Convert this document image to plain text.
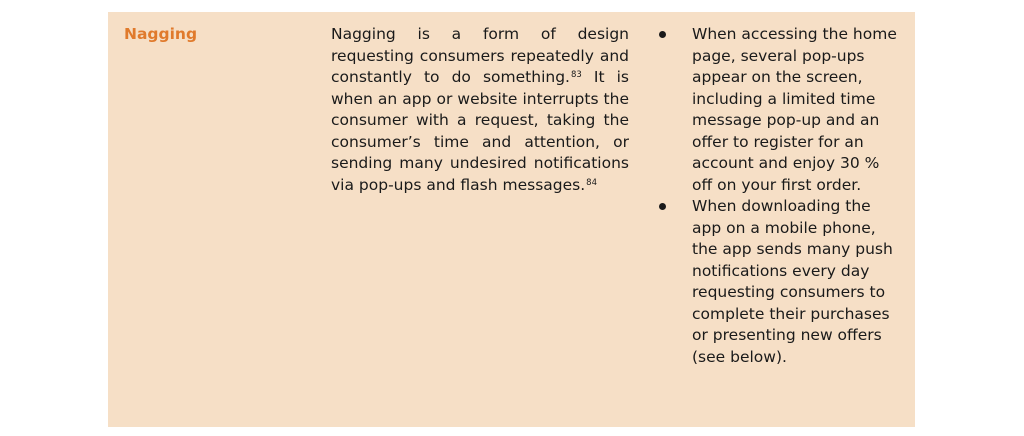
Nagging	Nagging is a form of design requesting consumers repeatedly and constantly to do something.$^{83}$ It is when an app or website interrupts the consumer with a request, taking the consumer’s time and attention, or sending many undesired notifications via pop-ups and flash messages.$^{84}$

When accessing the home page, several pop-ups appear on the screen, including a limited time message pop-up and an offer to register for an account and enjoy 30 % off on your first order.
When downloading the app on a mobile phone, the app sends many push notifications every day requesting consumers to complete their purchases or presenting new offers (see below).
